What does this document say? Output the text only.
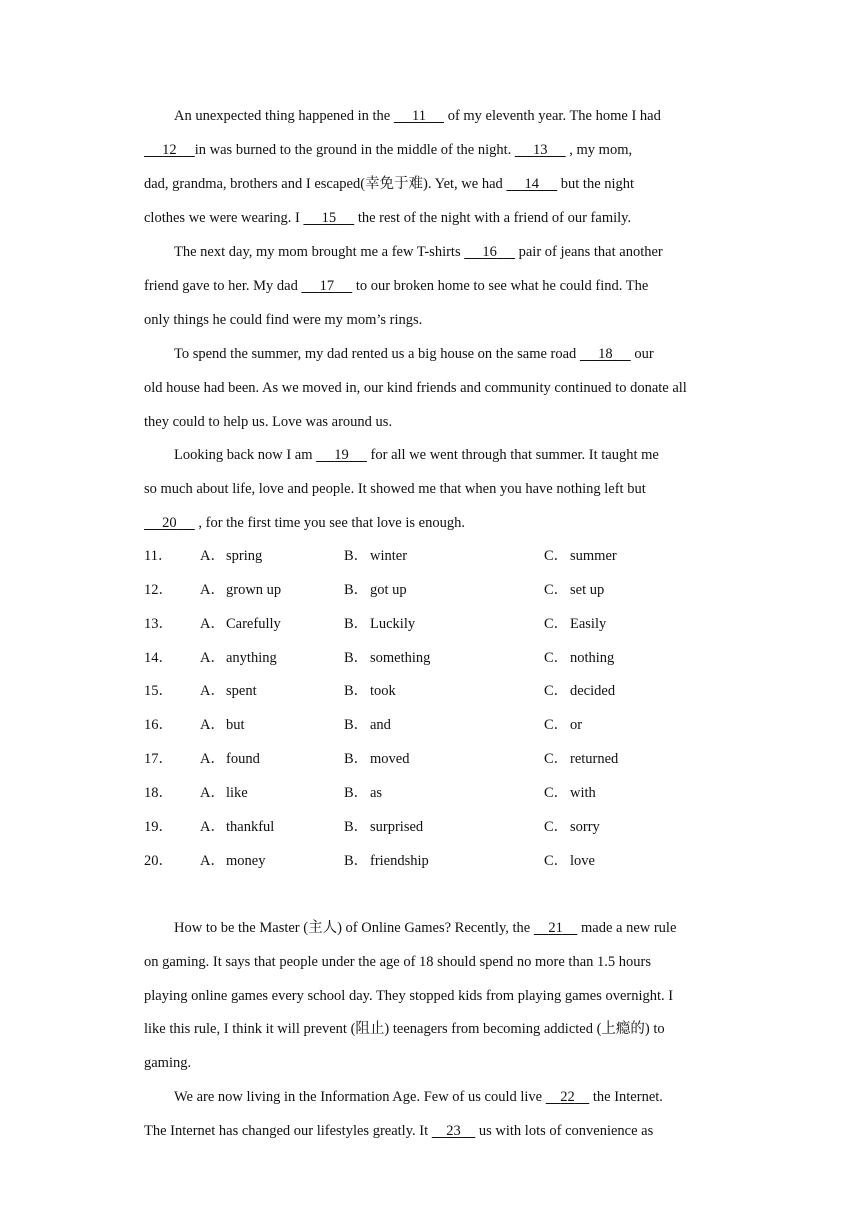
An unexpected thing happened in the      11      of my eleventh year. The home I had
12 in was burned to the ground in the middle of the night.      13      , my mom,
dad, grandma, brothers and I escaped(幸免于难). Yet, we had      14      but the night
clothes we were wearing. I      15      the rest of the night with a friend of our family.
The next day, my mom brought me a few T-shirts      16      pair of jeans that another
friend gave to her. My dad      17      to our broken home to see what he could find. The
only things he could find were my mom’s rings.
To spend the summer, my dad rented us a big house on the same road      18      our
old house had been. As we moved in, our kind friends and community continued to donate all
they could to help us. Love was around us.
Looking back now I am      19      for all we went through that summer. It taught me
so much about life, love and people. It showed me that when you have nothing left but
20      , for the first time you see that love is enough.
11． A．spring	B． winter	C． summer
12． A．grown up	B． got up	C． set up
13． A．Carefully	B． Luckily	C． Easily
14． A．anything	B． something	C． nothing
15． A．spent	B． took	C． decided
16． A．but	B． and	C． or
17． A．found	B． moved	C． returned
18． A．like	B． as	C． with
19． A．thankful	B． surprised	C． sorry
20． A．money	B． friendship	C． love
How to be the Master (主人) of Online Games? Recently, the     21     made a new rule
on gaming. It says that people under the age of 18 should spend no more than 1.5 hours
playing online games every school day. They stopped kids from playing games overnight. I
like this rule, I think it will prevent (阻止) teenagers from becoming addicted (上瘾的) to
gaming.
We are now living in the Information Age. Few of us could live     22     the Internet.
The Internet has changed our lifestyles greatly. It     23     us with lots of convenience as
